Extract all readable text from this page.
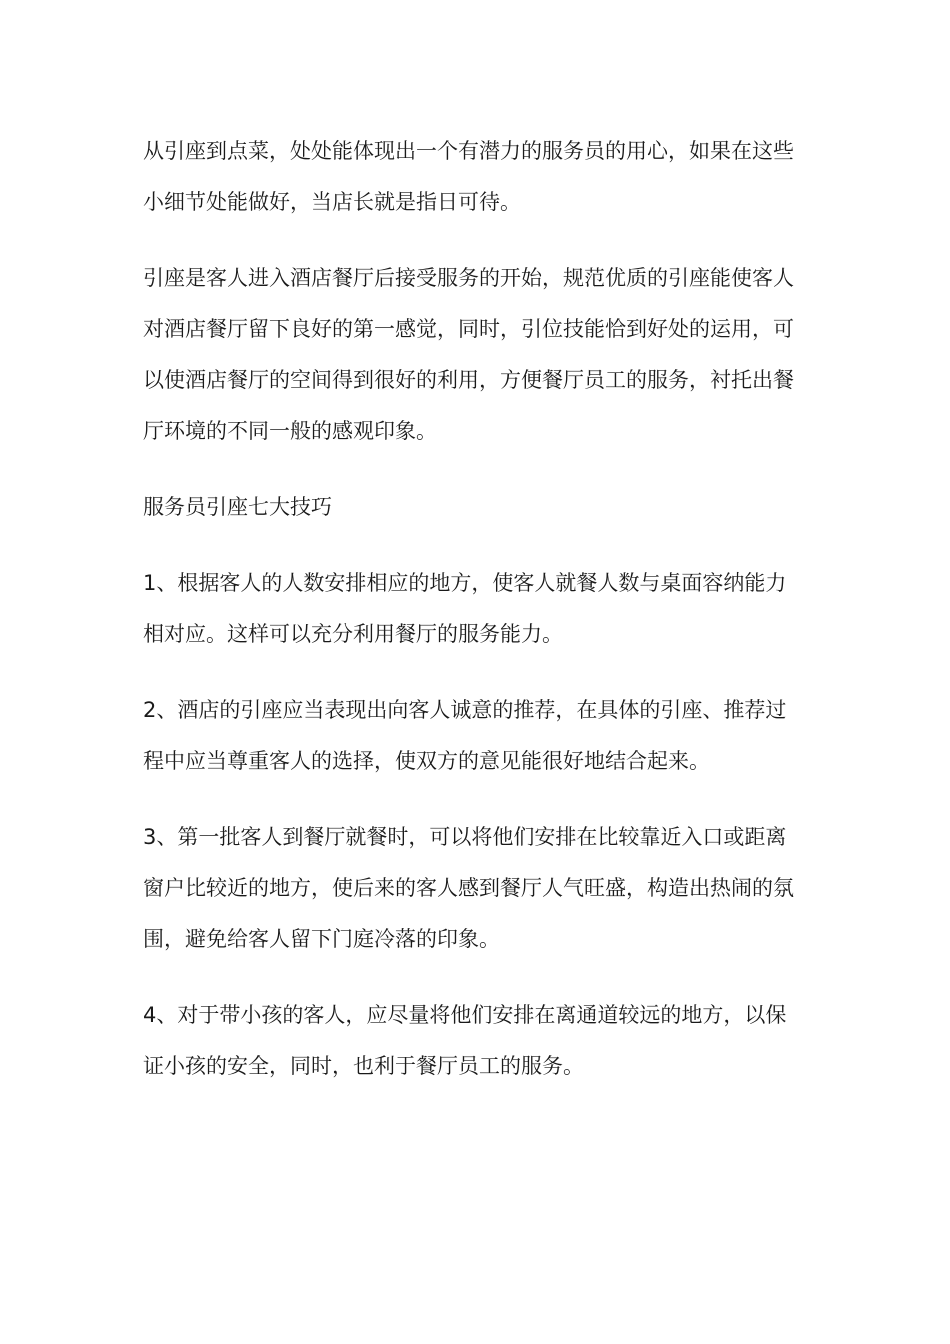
从引座到点菜，处处能体现出一个有潜力的服务员的用心，如果在这些
小细节处能做好，当店长就是指日可待。

引座是客人进入酒店餐厅后接受服务的开始，规范优质的引座能使客人
对酒店餐厅留下良好的第一感觉，同时，引位技能恰到好处的运用，可
以使酒店餐厅的空间得到很好的利用，方便餐厅员工的服务，衬托出餐
厅环境的不同一般的感观印象。

服务员引座七大技巧

1、根据客人的人数安排相应的地方，使客人就餐人数与桌面容纳能力
相对应。这样可以充分利用餐厅的服务能力。

2、酒店的引座应当表现出向客人诚意的推荐，在具体的引座、推荐过
程中应当尊重客人的选择，使双方的意见能很好地结合起来。

3、第一批客人到餐厅就餐时，可以将他们安排在比较靠近入口或距离
窗户比较近的地方，使后来的客人感到餐厅人气旺盛，构造出热闹的氛
围，避免给客人留下门庭冷落的印象。

4、对于带小孩的客人，应尽量将他们安排在离通道较远的地方，以保
证小孩的安全，同时，也利于餐厅员工的服务。
